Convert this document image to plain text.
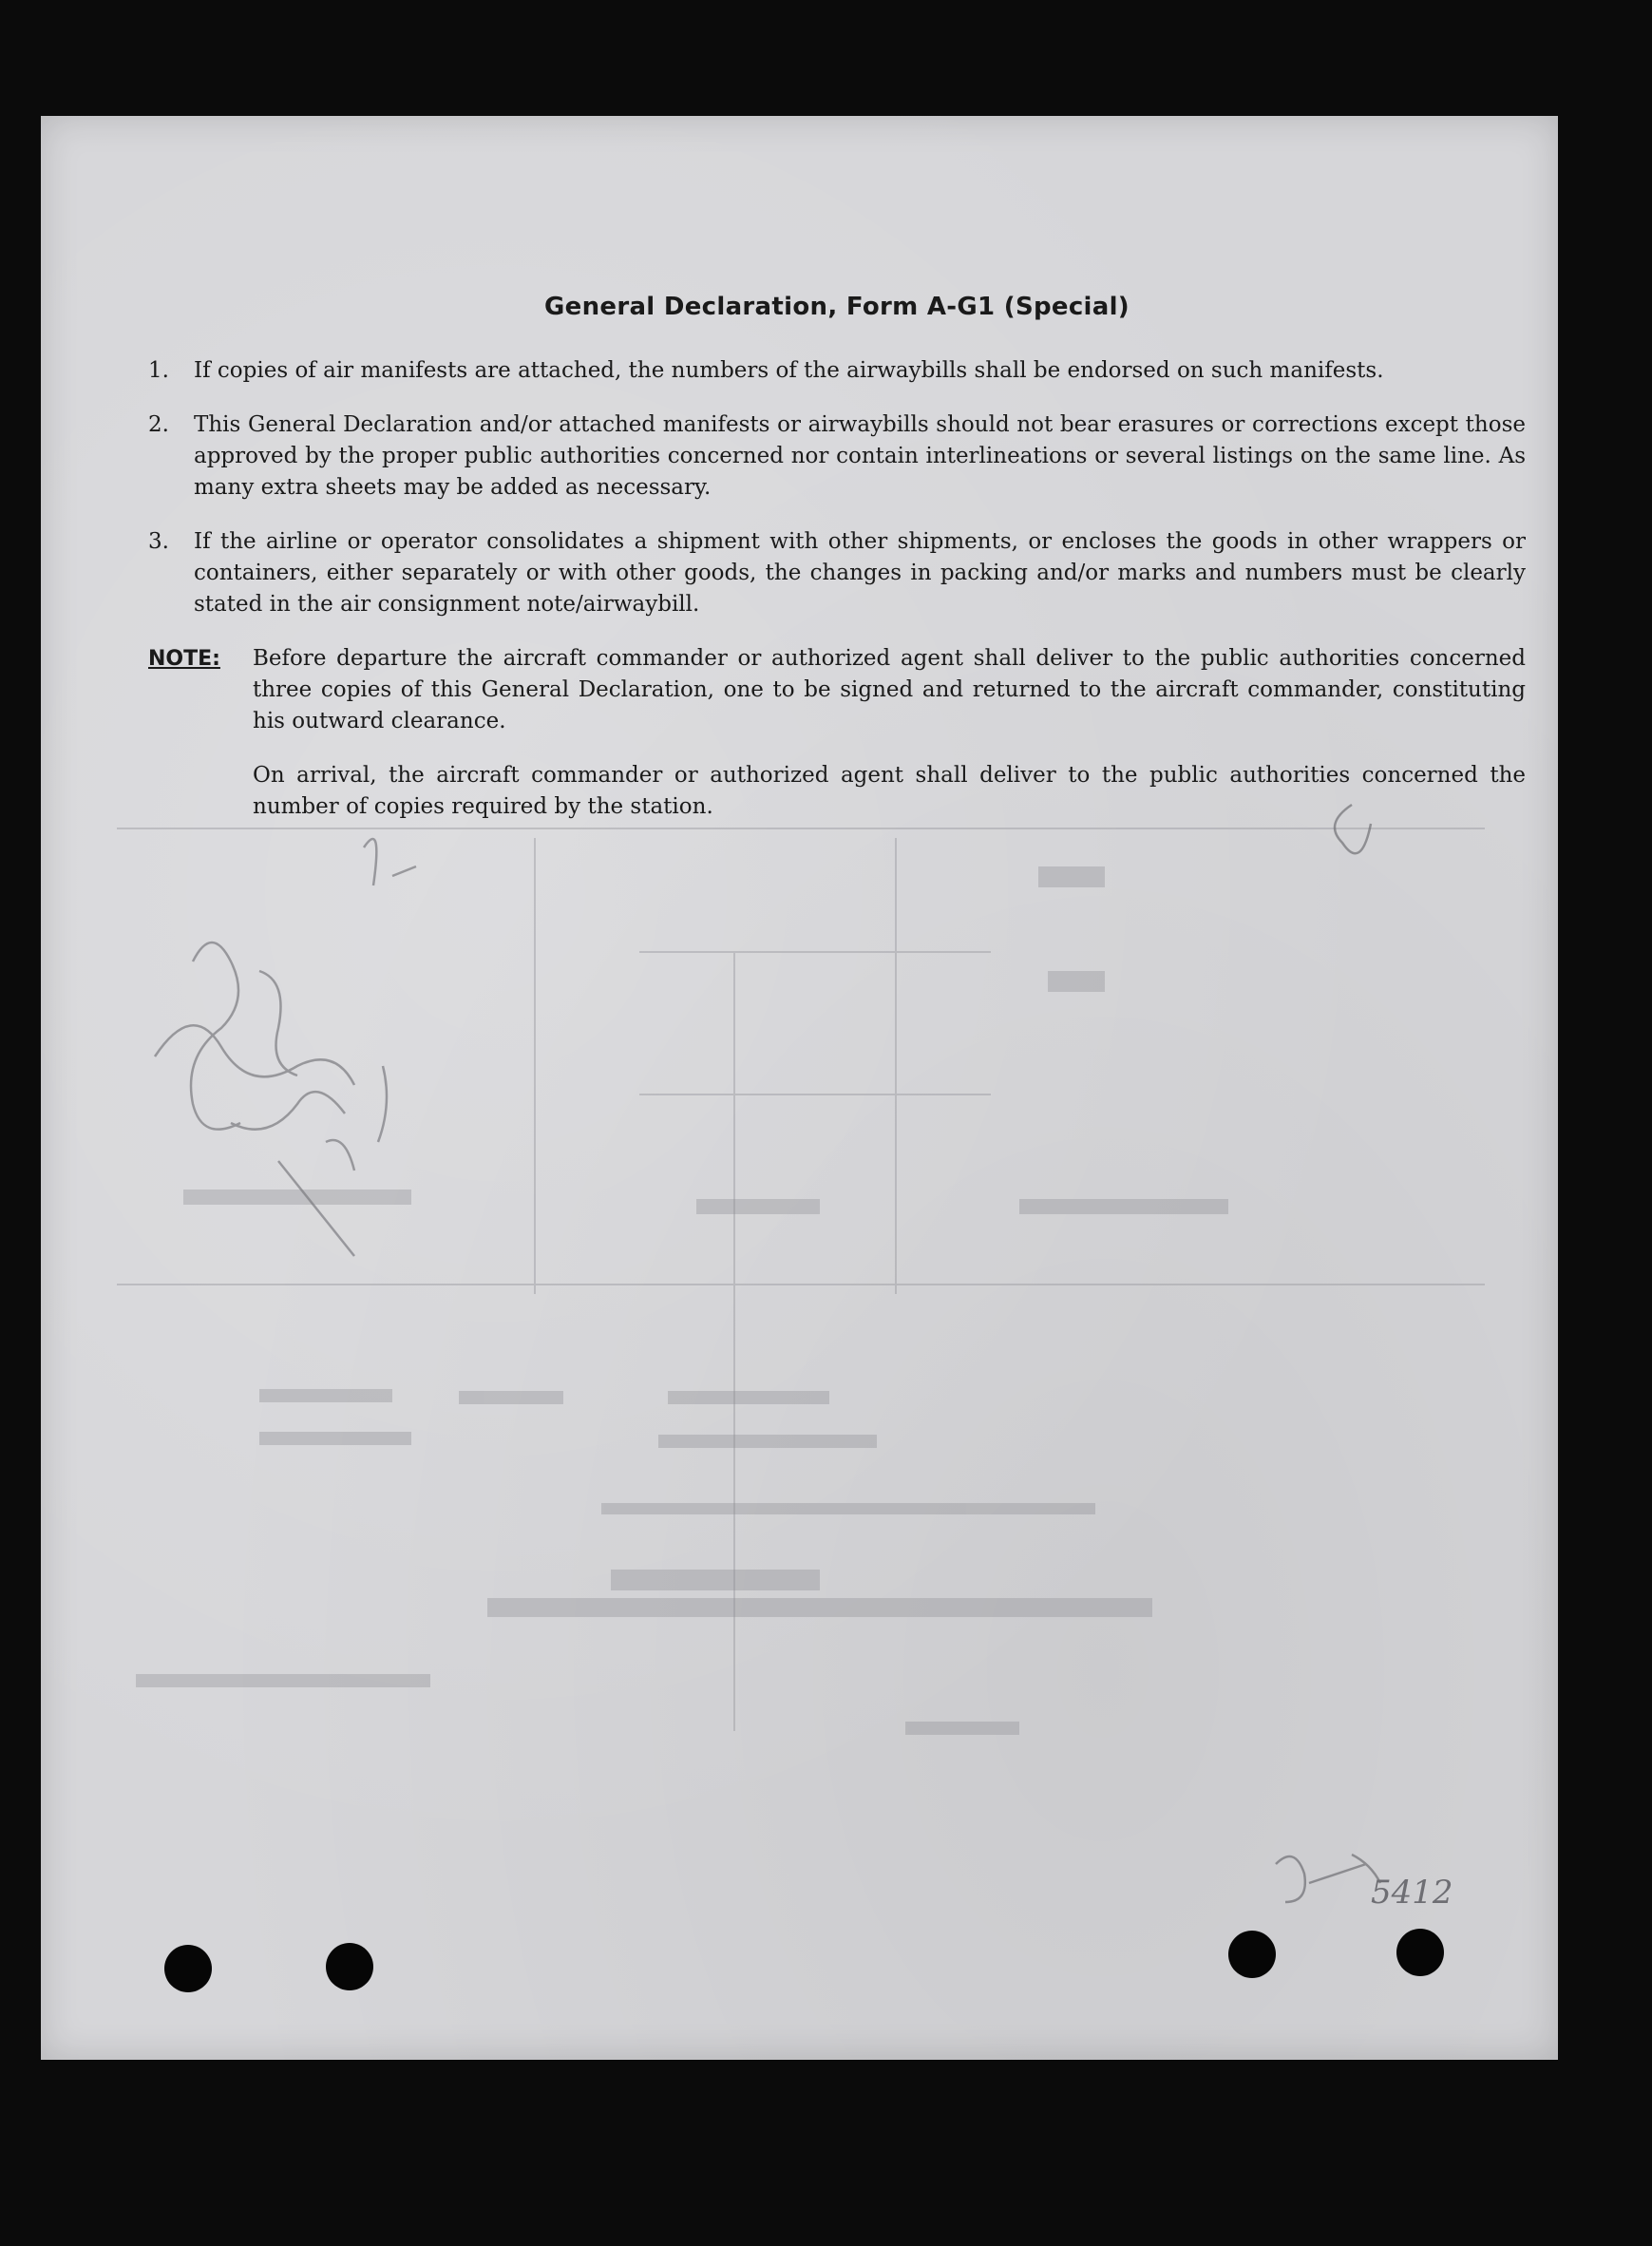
5412
General Declaration, Form A-G1 (Special)
1.	If copies of air manifests are attached, the numbers of the airwaybills shall be endorsed on such manifests.
2.	This General Declaration and/or attached manifests or airwaybills should not bear erasures or corrections except those approved by the proper public authorities concerned nor contain interlineations or several listings on the same line. As many extra sheets may be added as necessary.
3.	If the airline or operator consolidates a shipment with other shipments, or encloses the goods in other wrappers or containers, either separately or with other goods, the changes in packing and/or marks and numbers must be clearly stated in the air consignment note/airwaybill.
NOTE:	Before departure the aircraft commander or authorized agent shall deliver to the public authorities concerned three copies of this General Declaration, one to be signed and returned to the aircraft commander, constituting his outward clearance.

On arrival, the aircraft commander or authorized agent shall deliver to the public authorities concerned the number of copies required by the station.
